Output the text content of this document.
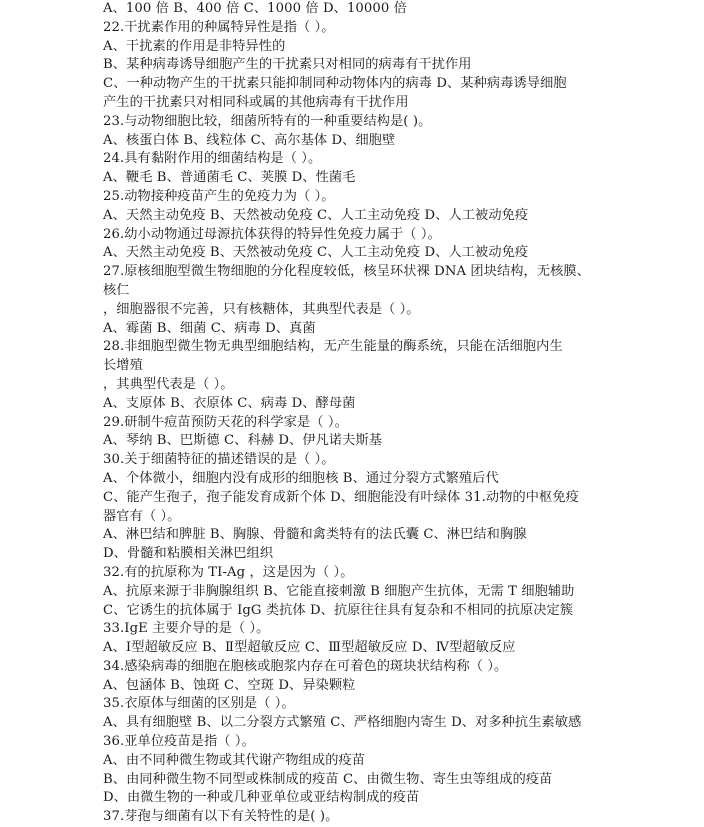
A、100 倍 B、400 倍 C、1000 倍 D、10000 倍
22.干扰素作用的种属特异性是指（ ）。
A、干扰素的作用是非特异性的
B、某种病毒诱导细胞产生的干扰素只对相同的病毒有干扰作用
C、一种动物产生的干扰素只能抑制同种动物体内的病毒 D、某种病毒诱导细胞
产生的干扰素只对相同科或属的其他病毒有干扰作用
23.与动物细胞比较，细菌所特有的一种重要结构是( )。
A、核蛋白体 B、线粒体 C、高尔基体 D、细胞壁
24.具有黏附作用的细菌结构是（ ）。
A、鞭毛 B、普通菌毛 C、荚膜 D、性菌毛
25.动物接种疫苗产生的免疫力为（ ）。
A、天然主动免疫 B、天然被动免疫 C、人工主动免疫 D、人工被动免疫
26.幼小动物通过母源抗体获得的特异性免疫力属于（ ）。
A、天然主动免疫 B、天然被动免疫 C、人工主动免疫 D、人工被动免疫
27.原核细胞型微生物细胞的分化程度较低，核呈环状裸 DNA 团块结构，无核膜、
核仁
，细胞器很不完善，只有核糖体，其典型代表是（ ）。
A、霉菌 B、细菌 C、病毒 D、真菌
28.非细胞型微生物无典型细胞结构，无产生能量的酶系统，只能在活细胞内生
长增殖
，其典型代表是（ ）。
A、支原体 B、衣原体 C、病毒 D、酵母菌
29.研制牛痘苗预防天花的科学家是（ ）。
A、琴纳 B、巴斯德 C、科赫 D、伊凡诺夫斯基
30.关于细菌特征的描述错误的是（ ）。
A、个体微小，细胞内没有成形的细胞核 B、通过分裂方式繁殖后代
C、能产生孢子，孢子能发育成新个体 D、细胞能没有叶绿体 31.动物的中枢免疫
器官有（ ）。
A、淋巴结和脾脏 B、胸腺、骨髓和禽类特有的法氏囊 C、淋巴结和胸腺
D、骨髓和粘膜相关淋巴组织
32.有的抗原称为 TI-Ag ，这是因为（ ）。
A、抗原来源于非胸腺组织 B、它能直接刺激 B 细胞产生抗体，无需 T 细胞辅助
C、它诱生的抗体属于 IgG 类抗体 D、抗原往往具有复杂和不相同的抗原决定簇
33.IgE 主要介导的是（ ）。
A、Ⅰ型超敏反应 B、Ⅱ型超敏反应 C、Ⅲ型超敏反应 D、Ⅳ型超敏反应
34.感染病毒的细胞在胞核或胞浆内存在可着色的斑块状结构称（ ）。
A、包涵体 B、蚀斑 C、空斑 D、异染颗粒
35.衣原体与细菌的区别是（ ）。
A、具有细胞壁 B、以二分裂方式繁殖 C、严格细胞内寄生 D、对多种抗生素敏感
36.亚单位疫苗是指（ ）。
A、由不同种微生物或其代谢产物组成的疫苗
B、由同种微生物不同型或株制成的疫苗 C、由微生物、寄生虫等组成的疫苗
D、由微生物的一种或几种亚单位或亚结构制成的疫苗
37.芽孢与细菌有以下有关特性的是( )。
